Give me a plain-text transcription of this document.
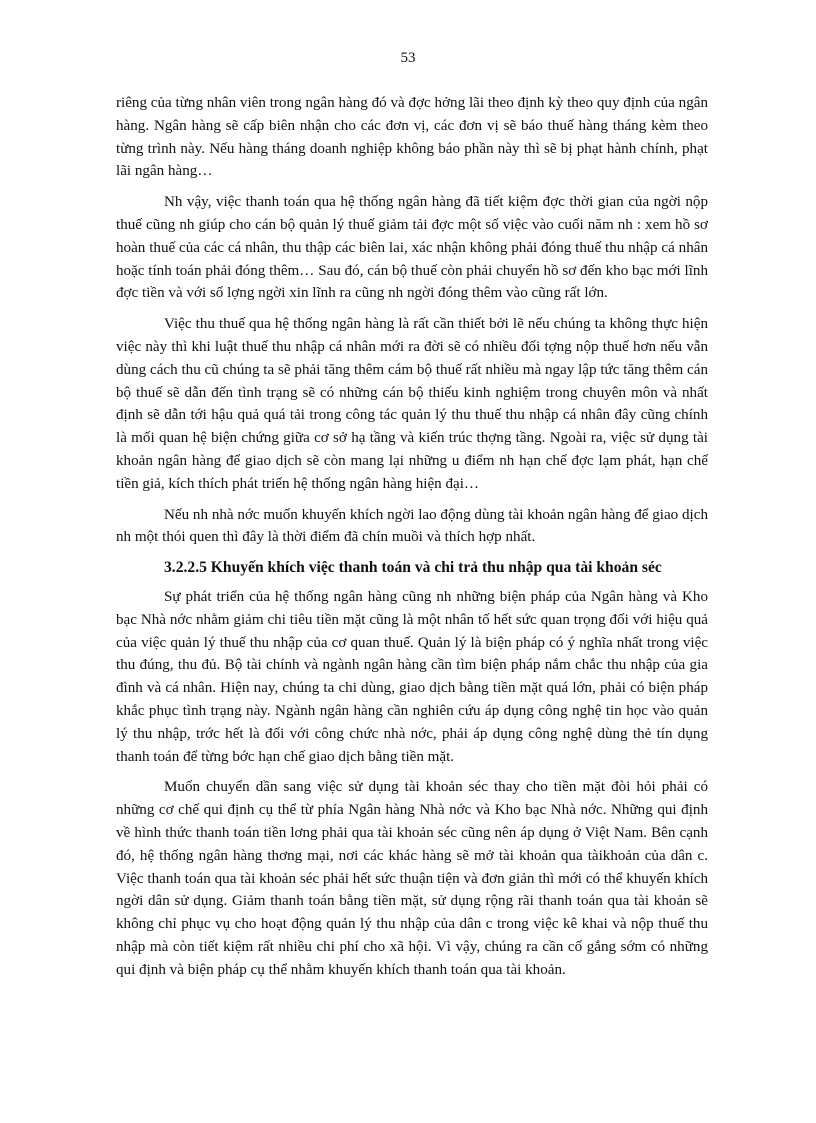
53

riêng của từng nhân viên trong ngân hàng đó và đợc hởng lãi theo định kỳ theo quy định của ngân hàng. Ngân hàng sẽ cấp biên nhận cho các đơn vị, các đơn vị sẽ báo thuế hàng tháng kèm theo từng trình này. Nếu hàng tháng doanh nghiệp không báo phần này thì sẽ bị phạt hành chính, phạt lãi ngân hàng…

Nh vậy, việc thanh toán qua hệ thống ngân hàng đã tiết kiệm đợc thời gian của ngời nộp thuế cũng nh giúp cho cán bộ quản lý thuế giảm tải đợc một số việc vào cuối năm nh : xem hồ sơ hoàn thuế của các cá nhân, thu thập các biên lai, xác nhận không phải đóng thuế thu nhập cá nhân hoặc tính toán phải đóng thêm… Sau đó, cán bộ thuế còn phải chuyển hồ sơ đến kho bạc mới lĩnh đợc tiền và với số lợng ngời xin lĩnh ra cũng nh ngời đóng thêm vào cũng rất lớn.

Việc thu thuế qua hệ thống ngân hàng là rất cần thiết bởi lẽ nếu chúng ta không thực hiện việc này thì khi luật thuế thu nhập cá nhân mới ra đời sẽ có nhiều đối tợng nộp thuế hơn nếu vẫn dùng cách thu cũ chúng ta sẽ phải tăng thêm cám bộ thuế rất nhiều mà ngay lập tức tăng thêm cán bộ thuế sẽ dẫn đến tình trạng sẽ có những cán bộ thiếu kinh nghiệm trong chuyên môn và nhất định sẽ dẫn tới hậu quả quá tải trong công tác quản lý thu thuế thu nhập cá nhân đây cũng chính là mối quan hệ biện chứng giữa cơ sở hạ tầng và kiến trúc thợng tầng. Ngoài ra, việc sử dụng tài khoản ngân hàng để giao dịch sẽ còn mang lại những u điểm nh hạn chế đợc lạm phát, hạn chế tiền giả, kích thích phát triển hệ thống ngân hàng hiện đại…

Nếu nh nhà nớc muốn khuyến khích ngời lao động dùng tài khoản ngân hàng để giao dịch nh một thói quen thì đây là thời điểm đã chín muồi và thích hợp nhất.

3.2.2.5 Khuyến khích việc thanh toán và chi trả thu nhập qua tài khoản séc

Sự phát triển của hệ thống ngân hàng cũng nh những biện pháp của Ngân hàng và Kho bạc Nhà nớc nhằm giảm chi tiêu tiền mặt cũng là một nhân tố hết sức quan trọng đối với hiệu quả của việc quản lý thuế thu nhập của cơ quan thuế. Quản lý là biện pháp có ý nghĩa nhất trong việc thu đúng, thu đủ. Bộ tài chính và ngành ngân hàng cần tìm biện pháp nắm chắc thu nhập của gia đình và cá nhân. Hiện nay, chúng ta chi dùng, giao dịch bằng tiền mặt quá lớn, phải có biện pháp khắc phục tình trạng này. Ngành ngân hàng cần nghiên cứu áp dụng công nghệ tin học vào quản lý thu nhập, trớc hết là đối với công chức nhà nớc, phải áp dụng công nghệ dùng thẻ tín dụng thanh toán để từng bớc hạn chế giao dịch bằng tiền mặt.

Muốn chuyển dần sang việc sử dụng tài khoản séc thay cho tiền mặt đòi hỏi phải có những cơ chế qui định cụ thể từ phía Ngân hàng Nhà nớc và Kho bạc Nhà nớc. Những qui định về hình thức thanh toán tiền lơng phải qua tài khoản séc cũng nên áp dụng ở Việt Nam. Bên cạnh đó, hệ thống ngân hàng thơng mại, nơi các khác hàng sẽ mở tài khoản qua tàikhoản của dân c. Việc thanh toán qua tài khoản séc phải hết sức thuận tiện và đơn giản thì mới có thể khuyến khích ngời dân sử dụng. Giảm thanh toán bằng tiền mặt, sử dụng rộng rãi thanh toán qua tài khoản sẽ không chỉ phục vụ cho hoạt động quản lý thu nhập của dân c trong việc kê khai và nộp thuế thu nhập mà còn tiết kiệm rất nhiều chi phí cho xã hội. Vì vậy, chúng ra cần cố gắng sớm có những qui định và biện pháp cụ thể nhằm khuyến khích thanh toán qua tài khoản.
